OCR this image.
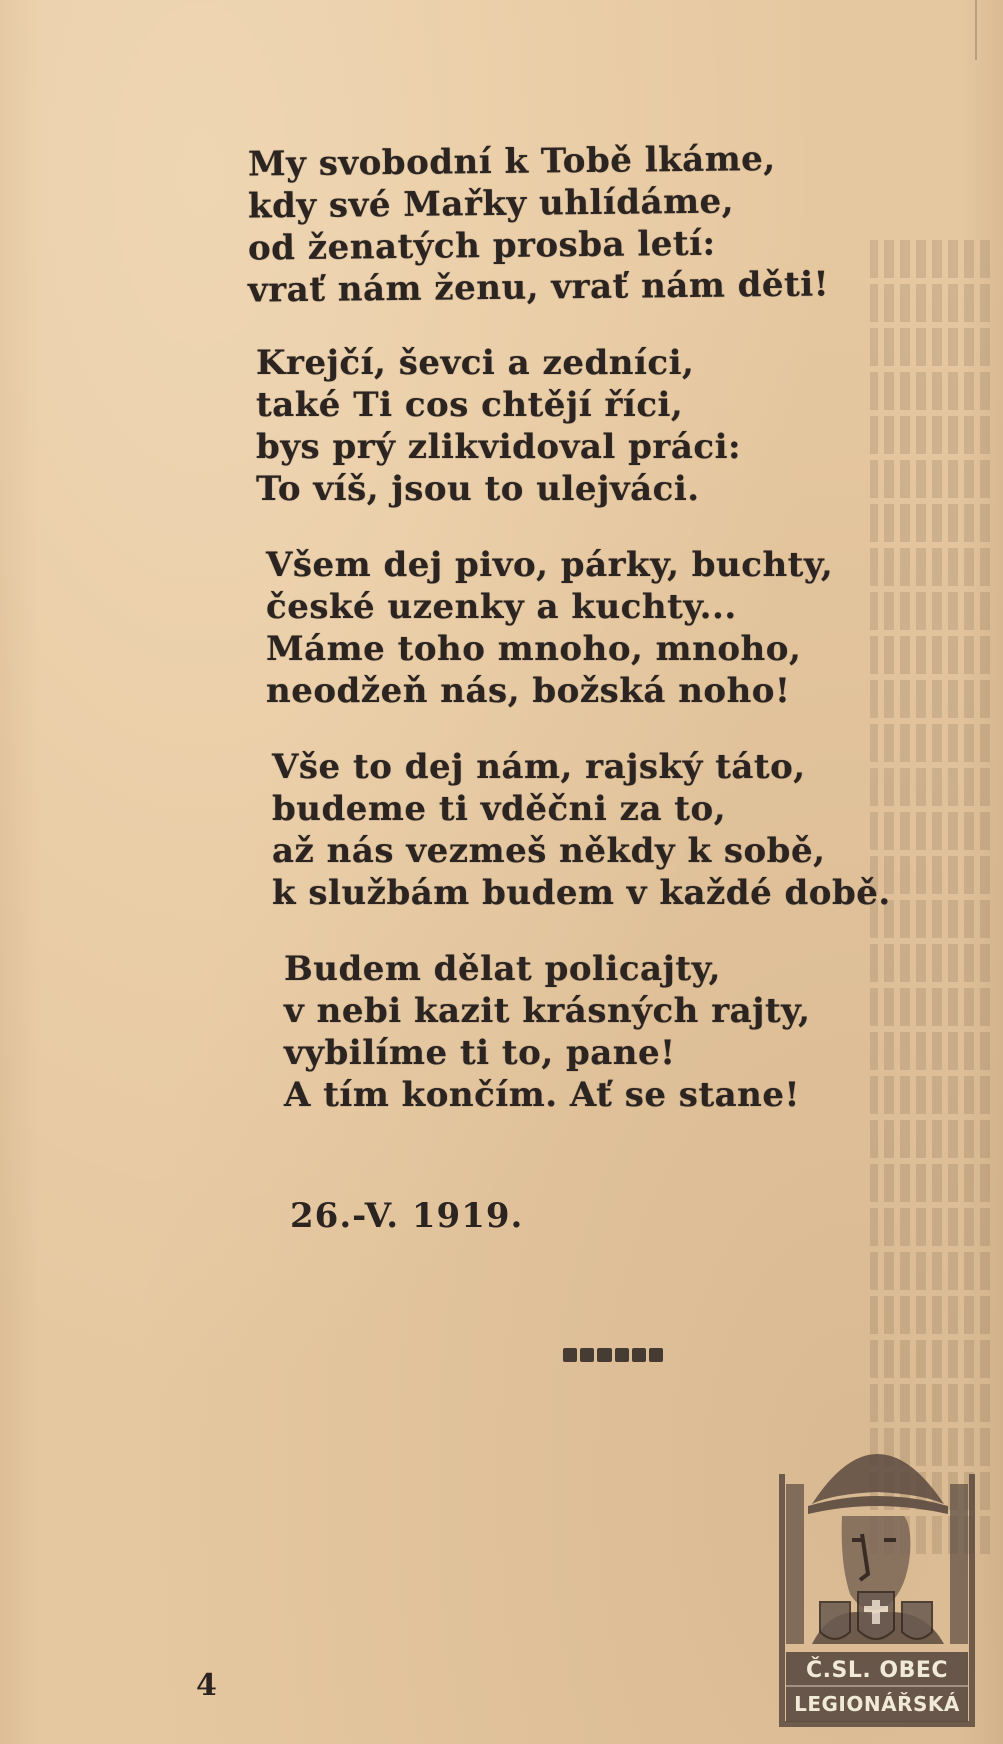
My svobodní k Tobě lkáme,
kdy své Mařky uhlídáme,
od ženatých prosba letí:
vrať nám ženu, vrať nám děti!
Krejčí, ševci a zedníci,
také Ti cos chtějí říci,
bys prý zlikvidoval práci:
To víš, jsou to ulejváci.
Všem dej pivo, párky, buchty,
české uzenky a kuchty...
Máme toho mnoho, mnoho,
neodžeň nás, božská noho!
Vše to dej nám, rajský táto,
budeme ti vděčni za to,
až nás vezmeš někdy k sobě,
k službám budem v každé době.
Budem dělat policajty,
v nebi kazit krásných rajty,
vybilíme ti to, pane!
A tím končím. Ať se stane!
26.-V. 1919.
4	Č.SL. OBEC
LEGIONÁŘSKÁ
